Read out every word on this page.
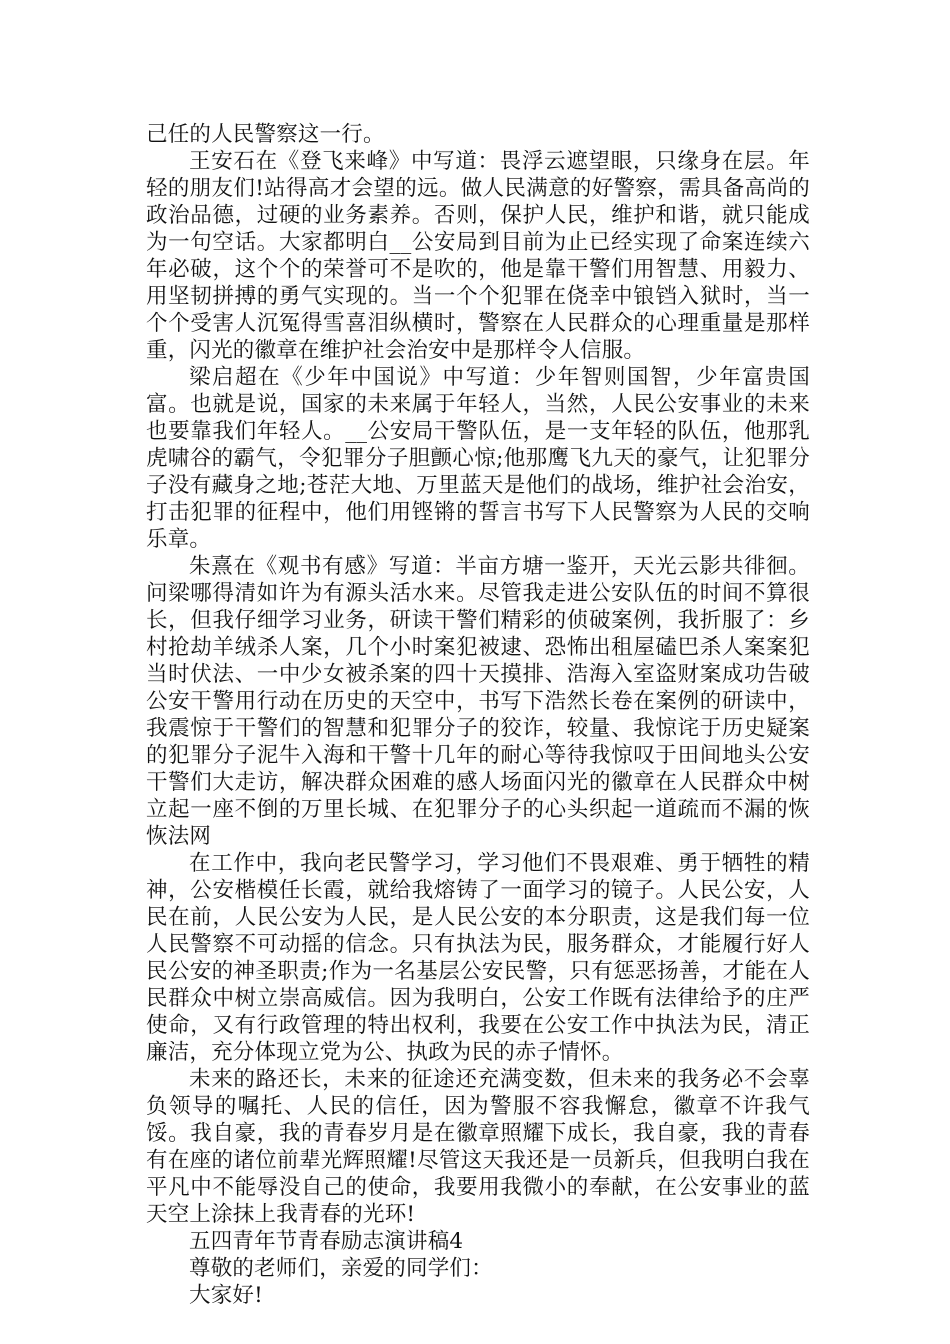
己任的人民警察这一行。

王安石在《登飞来峰》中写道：畏浮云遮望眼，只缘身在层。年轻的朋友们!站得高才会望的远。做人民满意的好警察，需具备高尚的政治品德，过硬的业务素养。否则，保护人民，维护和谐，就只能成为一句空话。大家都明白__公安局到目前为止已经实现了命案连续六年必破，这个个的荣誉可不是吹的，他是靠干警们用智慧、用毅力、用坚韧拼搏的勇气实现的。当一个个犯罪在侥幸中锒铛入狱时，当一个个受害人沉冤得雪喜泪纵横时，警察在人民群众的心理重量是那样重，闪光的徽章在维护社会治安中是那样令人信服。

梁启超在《少年中国说》中写道：少年智则国智，少年富贵国富。也就是说，国家的未来属于年轻人，当然，人民公安事业的未来也要靠我们年轻人。__公安局干警队伍，是一支年轻的队伍，他那乳虎啸谷的霸气，令犯罪分子胆颤心惊;他那鹰飞九天的豪气，让犯罪分子没有藏身之地;苍茫大地、万里蓝天是他们的战场，维护社会治安，打击犯罪的征程中，他们用铿锵的誓言书写下人民警察为人民的交响乐章。

朱熹在《观书有感》写道：半亩方塘一鉴开，天光云影共徘徊。问梁哪得清如许为有源头活水来。尽管我走进公安队伍的时间不算很长，但我仔细学习业务，研读干警们精彩的侦破案例，我折服了：乡村抢劫羊绒杀人案，几个小时案犯被逮、恐怖出租屋磕巴杀人案案犯当时伏法、一中少女被杀案的四十天摸排、浩海入室盗财案成功告破公安干警用行动在历史的天空中，书写下浩然长卷在案例的研读中，我震惊于干警们的智慧和犯罪分子的狡诈，较量、我惊诧于历史疑案的犯罪分子泥牛入海和干警十几年的耐心等待我惊叹于田间地头公安干警们大走访，解决群众困难的感人场面闪光的徽章在人民群众中树立起一座不倒的万里长城、在犯罪分子的心头织起一道疏而不漏的恢恢法网

在工作中，我向老民警学习，学习他们不畏艰难、勇于牺牲的精神，公安楷模任长霞，就给我熔铸了一面学习的镜子。人民公安，人民在前，人民公安为人民，是人民公安的本分职责，这是我们每一位人民警察不可动摇的信念。只有执法为民，服务群众，才能履行好人民公安的神圣职责;作为一名基层公安民警，只有惩恶扬善，才能在人民群众中树立崇高威信。因为我明白，公安工作既有法律给予的庄严使命，又有行政管理的特出权利，我要在公安工作中执法为民，清正廉洁，充分体现立党为公、执政为民的赤子情怀。

未来的路还长，未来的征途还充满变数，但未来的我务必不会辜负领导的嘱托、人民的信任，因为警服不容我懈怠，徽章不许我气馁。我自豪，我的青春岁月是在徽章照耀下成长，我自豪，我的青春有在座的诸位前辈光辉照耀!尽管这天我还是一员新兵，但我明白我在平凡中不能辱没自己的使命，我要用我微小的奉献，在公安事业的蓝天空上涂抹上我青春的光环!

五四青年节青春励志演讲稿4

尊敬的老师们，亲爱的同学们：

大家好!
